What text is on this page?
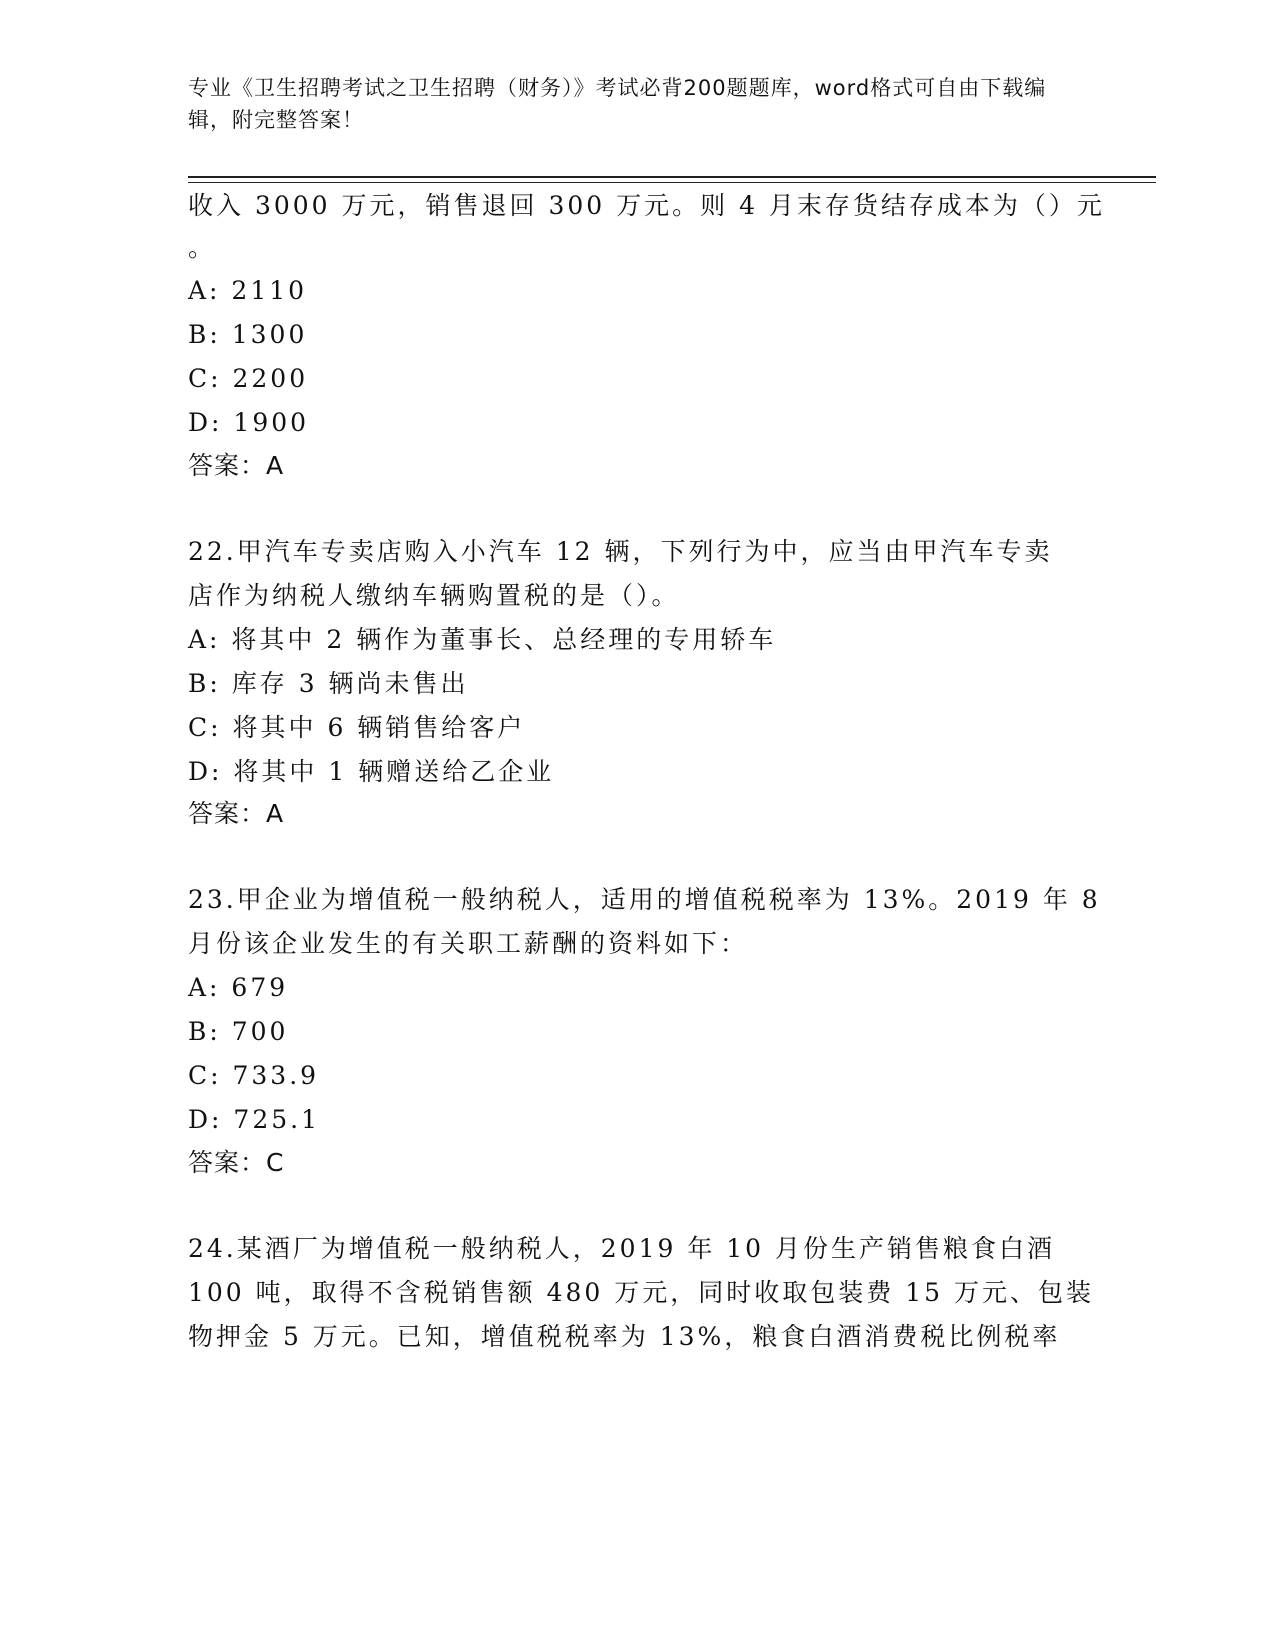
专业《卫生招聘考试之卫生招聘（财务）》考试必背200题题库，word格式可自由下载编辑，附完整答案！
收入 3000 万元，销售退回 300 万元。则 4 月末存货结存成本为（）元
。
A: 2110
B: 1300
C: 2200
D: 1900
答案：A
22.甲汽车专卖店购入小汽车 12 辆，下列行为中，应当由甲汽车专卖
店作为纳税人缴纳车辆购置税的是（）。
A: 将其中 2 辆作为董事长、总经理的专用轿车
B: 库存 3 辆尚未售出
C: 将其中 6 辆销售给客户
D: 将其中 1 辆赠送给乙企业
答案：A
23.甲企业为增值税一般纳税人，适用的增值税税率为 13%。2019 年 8
月份该企业发生的有关职工薪酬的资料如下：
A: 679
B: 700
C: 733.9
D: 725.1
答案：C
24.某酒厂为增值税一般纳税人，2019 年 10 月份生产销售粮食白酒
100 吨，取得不含税销售额 480 万元，同时收取包装费 15 万元、包装
物押金 5 万元。已知，增值税税率为 13%，粮食白酒消费税比例税率
